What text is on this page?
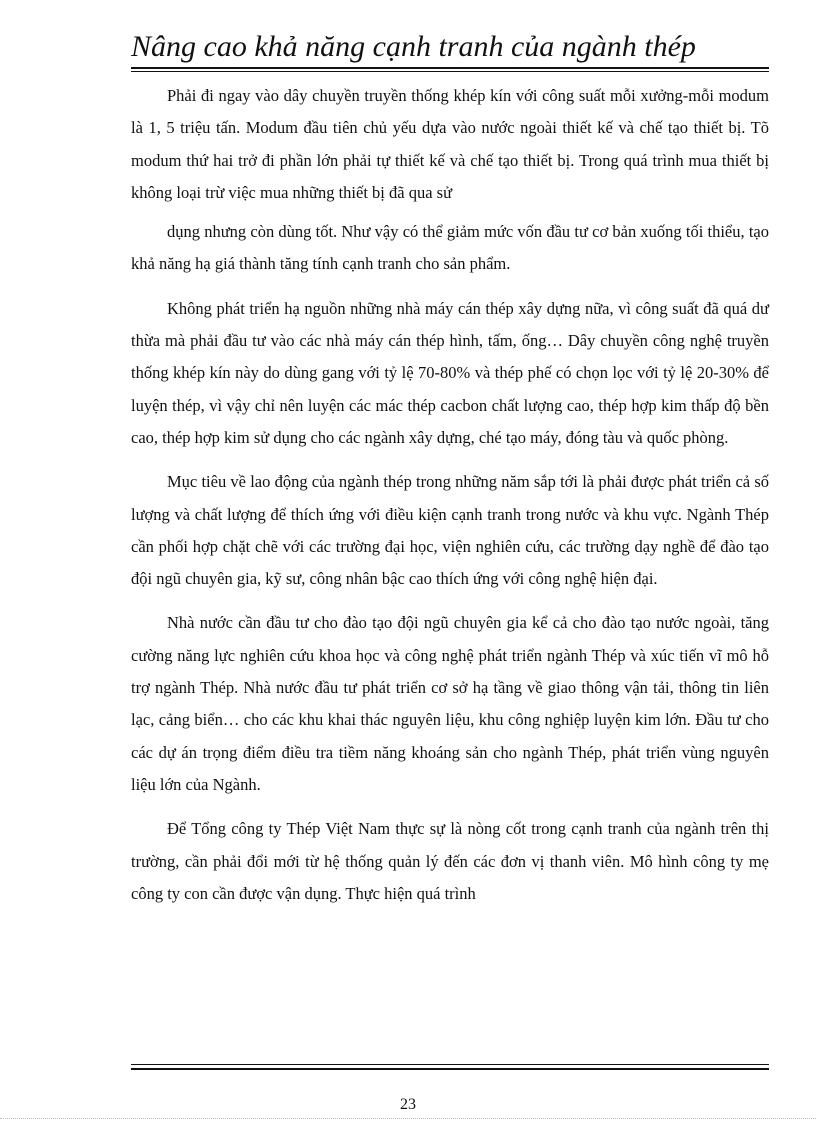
Nâng cao khả năng cạnh tranh của ngành thép

Phải đi ngay vào dây chuyền truyền thống khép kín với công suất mỗi xưởng-mỗi modum là 1, 5 triệu tấn. Modum đầu tiên chủ yếu dựa vào nước ngoài thiết kế và chế tạo thiết bị. Tõ modum thứ hai trở đi phần lớn phải tự thiết kế và chế tạo thiết bị. Trong quá trình mua thiết bị không loại trừ việc mua những thiết bị đã qua sử
dụng nhưng còn dùng tốt. Như vậy có thể giảm mức vốn đầu tư cơ bản xuống tối thiểu, tạo khả năng hạ giá thành tăng tính cạnh tranh cho sản phẩm.

Không phát triển hạ nguồn những nhà máy cán thép xây dựng nữa, vì công suất đã quá dư thừa mà phải đầu tư vào các nhà máy cán thép hình, tấm, ống… Dây chuyền công nghệ truyền thống khép kín này do dùng gang với tỷ lệ 70-80% và thép phế có chọn lọc với tỷ lệ 20-30% để luyện thép, vì vậy chỉ nên luyện các mác thép cacbon chất lượng cao, thép hợp kim thấp độ bền cao, thép hợp kim sử dụng cho các ngành xây dựng, ché tạo máy, đóng tàu và quốc phòng.

Mục tiêu về lao động của ngành thép trong những năm sắp tới là phải được phát triển cả số lượng và chất lượng để thích ứng với điều kiện cạnh tranh trong nước và khu vực. Ngành Thép cần phối hợp chặt chẽ với các trường đại học, viện nghiên cứu, các trường dạy nghề để đào tạo đội ngũ chuyên gia, kỹ sư, công nhân bậc cao thích ứng với công nghệ hiện đại.

Nhà nước cần đầu tư cho đào tạo đội ngũ chuyên gia kể cả cho đào tạo nước ngoài, tăng cường năng lực nghiên cứu khoa học và công nghệ phát triển ngành Thép và xúc tiến vĩ mô hỗ trợ ngành Thép. Nhà nước đầu tư phát triển cơ sở hạ tầng về giao thông vận tải, thông tin liên lạc, cảng biển… cho các khu khai thác nguyên liệu, khu công nghiệp luyện kim lớn. Đầu tư cho các dự án trọng điểm điều tra tiềm năng khoáng sản cho ngành Thép, phát triển vùng nguyên liệu lớn của Ngành.

Để Tổng công ty Thép Việt Nam thực sự là nòng cốt trong cạnh tranh của ngành trên thị trường, cần phải đổi mới từ hệ thống quản lý đến các đơn vị thanh viên. Mô hình công ty mẹ công ty con cần được vận dụng. Thực hiện quá trình

23
